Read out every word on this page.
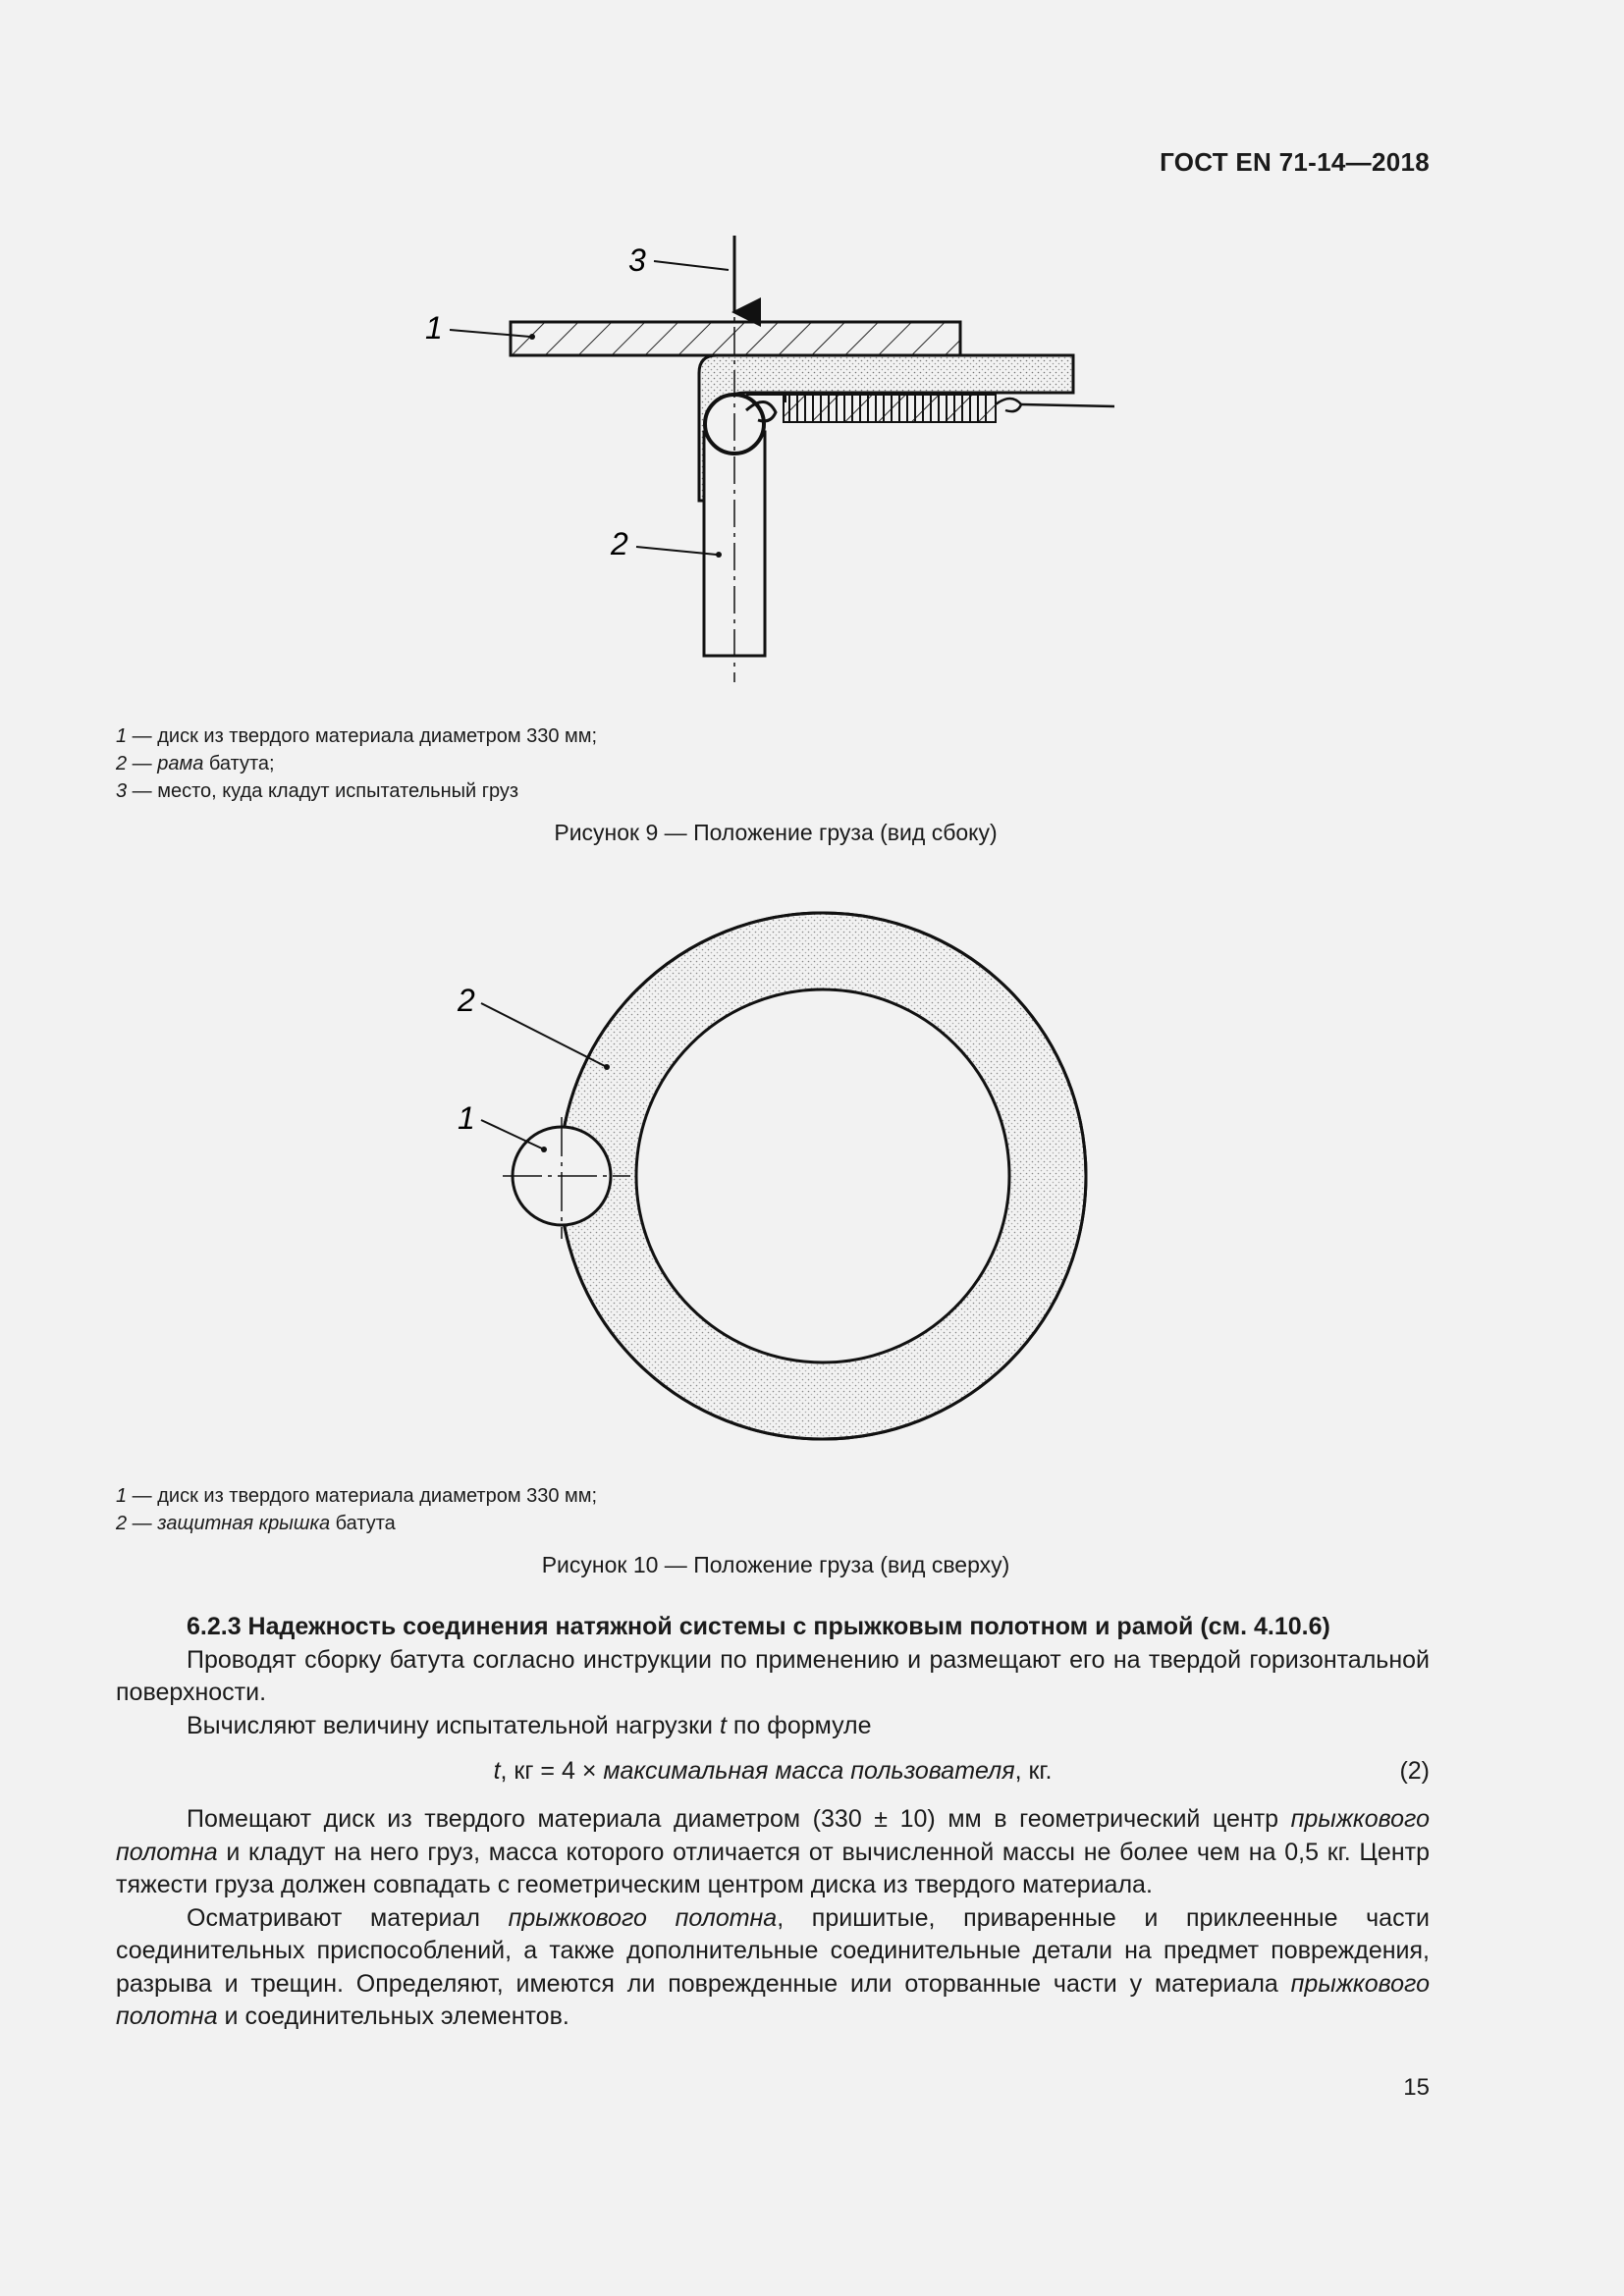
ГОСТ EN 71-14—2018
3
1
2
1 — диск из твердого материала диаметром 330 мм;
2 — рама батута;
3 — место, куда кладут испытательный груз
Рисунок 9 — Положение груза (вид сбоку)
2
1
1 — диск из твердого материала диаметром 330 мм;
2 — защитная крышка батута
Рисунок 10 — Положение груза (вид сверху)

6.2.3 Надежность соединения натяжной системы с прыжковым полотном и рамой (см. 4.10.6)

Проводят сборку батута согласно инструкции по применению и размещают его на твердой горизонтальной поверхности.

Вычисляют величину испытательной нагрузки t по формуле

t, кг = 4 × максимальная масса пользователя, кг.	(2)

Помещают диск из твердого материала диаметром (330 ± 10) мм в геометрический центр прыжкового полотна и кладут на него груз, масса которого отличается от вычисленной массы не более чем на 0,5 кг. Центр тяжести груза должен совпадать с геометрическим центром диска из твердого материала.

Осматривают материал прыжкового полотна, пришитые, приваренные и приклеенные части соединительных приспособлений, а также дополнительные соединительные детали на предмет повреждения, разрыва и трещин. Определяют, имеются ли поврежденные или оторванные части у материала прыжкового полотна и соединительных элементов.

15
